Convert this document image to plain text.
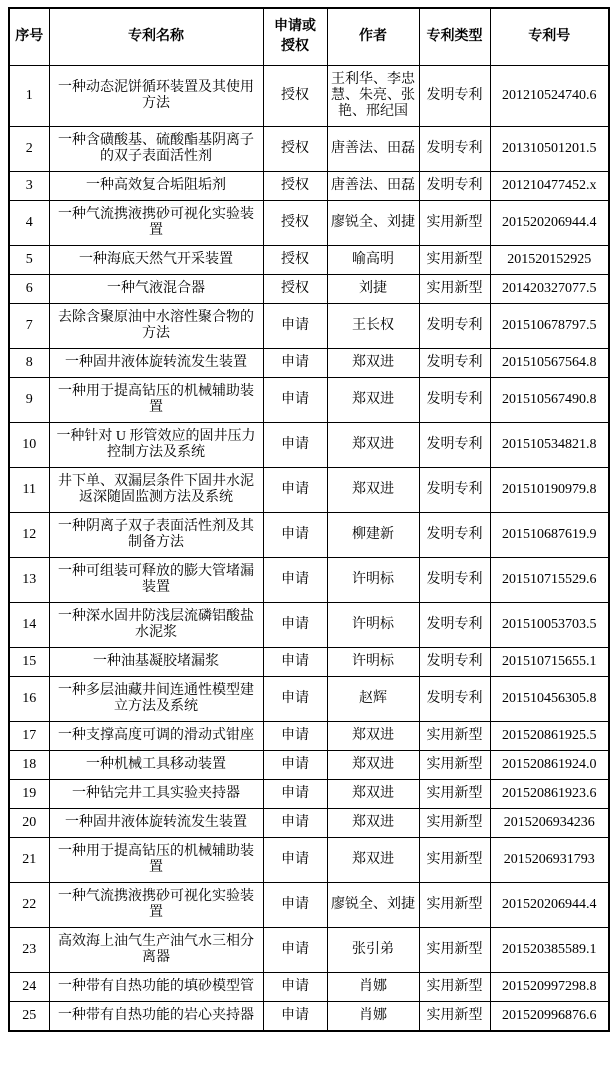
序号	专利名称	申请或授权	作者	专利类型	专利号
1	一种动态泥饼循环装置及其使用方法	授权	王利华、李忠慧、朱亮、张艳、邢纪国	发明专利	201210524740.6
2	一种含磺酸基、硫酸酯基阴离子的双子表面活性剂	授权	唐善法、田磊	发明专利	201310501201.5
3	一种高效复合垢阻垢剂	授权	唐善法、田磊	发明专利	201210477452.x
4	一种气流携液携砂可视化实验装置	授权	廖锐全、刘捷	实用新型	201520206944.4
5	一种海底天然气开采装置	授权	喻高明	实用新型	201520152925
6	一种气液混合器	授权	刘捷	实用新型	201420327077.5
7	去除含聚原油中水溶性聚合物的方法	申请	王长权	发明专利	201510678797.5
8	一种固井液体旋转流发生装置	申请	郑双进	发明专利	201510567564.8
9	一种用于提高钻压的机械辅助装置	申请	郑双进	发明专利	201510567490.8
10	一种针对 U 形管效应的固井压力控制方法及系统	申请	郑双进	发明专利	201510534821.8
11	井下单、双漏层条件下固井水泥返深随固监测方法及系统	申请	郑双进	发明专利	201510190979.8
12	一种阴离子双子表面活性剂及其制备方法	申请	柳建新	发明专利	201510687619.9
13	一种可组装可释放的膨大管堵漏装置	申请	许明标	发明专利	201510715529.6
14	一种深水固井防浅层流磷铝酸盐水泥浆	申请	许明标	发明专利	201510053703.5
15	一种油基凝胶堵漏浆	申请	许明标	发明专利	201510715655.1
16	一种多层油藏井间连通性模型建立方法及系统	申请	赵辉	发明专利	201510456305.8
17	一种支撑高度可调的滑动式钳座	申请	郑双进	实用新型	201520861925.5
18	一种机械工具移动装置	申请	郑双进	实用新型	201520861924.0
19	一种钻完井工具实验夹持器	申请	郑双进	实用新型	201520861923.6
20	一种固井液体旋转流发生装置	申请	郑双进	实用新型	2015206934236
21	一种用于提高钻压的机械辅助装置	申请	郑双进	实用新型	2015206931793
22	一种气流携液携砂可视化实验装置	申请	廖锐全、刘捷	实用新型	201520206944.4
23	高效海上油气生产油气水三相分离器	申请	张引弟	实用新型	201520385589.1
24	一种带有自热功能的填砂模型管	申请	肖娜	实用新型	201520997298.8
25	一种带有自热功能的岩心夹持器	申请	肖娜	实用新型	201520996876.6
